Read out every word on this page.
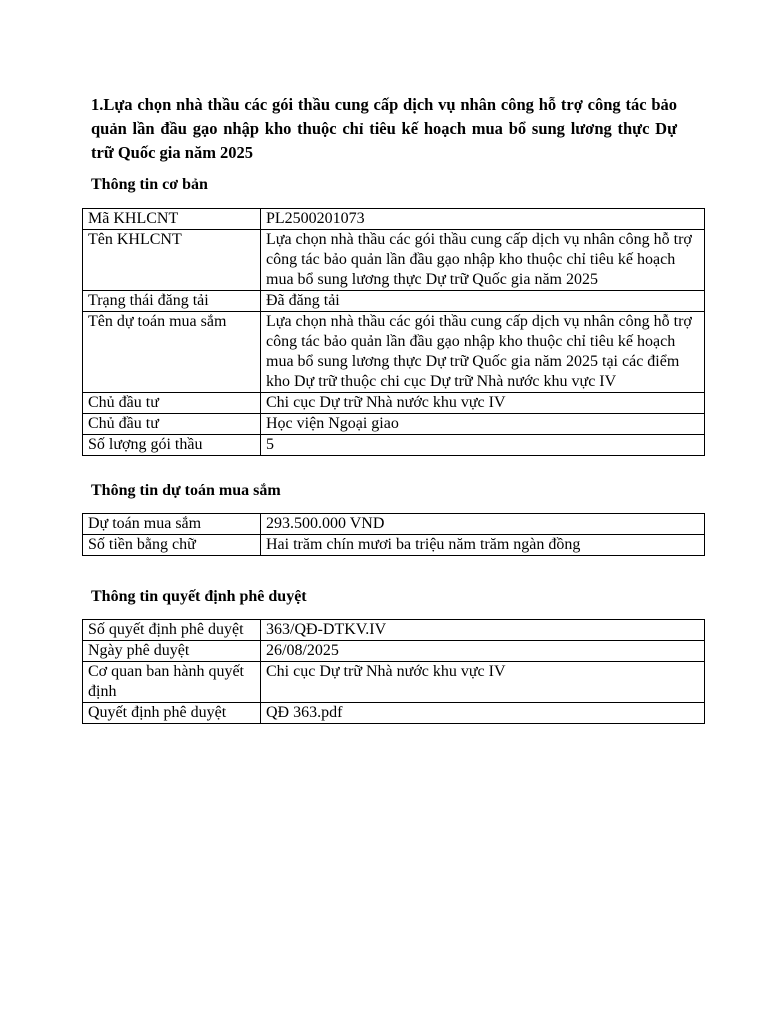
1.Lựa chọn nhà thầu các gói thầu cung cấp dịch vụ nhân công hỗ trợ công tác bảo quản lần đầu gạo nhập kho thuộc chỉ tiêu kế hoạch mua bổ sung lương thực Dự trữ Quốc gia năm 2025

Thông tin cơ bản

Mã KHLCNT	PL2500201073
Tên KHLCNT	Lựa chọn nhà thầu các gói thầu cung cấp dịch vụ nhân công hỗ trợ công tác bảo quản lần đầu gạo nhập kho thuộc chỉ tiêu kế hoạch mua bổ sung lương thực Dự trữ Quốc gia năm 2025
Trạng thái đăng tải	Đã đăng tải
Tên dự toán mua sắm	Lựa chọn nhà thầu các gói thầu cung cấp dịch vụ nhân công hỗ trợ công tác bảo quản lần đầu gạo nhập kho thuộc chỉ tiêu kế hoạch mua bổ sung lương thực Dự trữ Quốc gia năm 2025 tại các điểm kho Dự trữ thuộc chi cục Dự trữ Nhà nước khu vực IV
Chủ đầu tư	Chi cục Dự trữ Nhà nước khu vực IV
Chủ đầu tư	Học viện Ngoại giao
Số lượng gói thầu	5

Thông tin dự toán mua sắm

Dự toán mua sắm	293.500.000 VND
Số tiền bằng chữ	Hai trăm chín mươi ba triệu năm trăm ngàn đồng

Thông tin quyết định phê duyệt

Số quyết định phê duyệt	363/QĐ-DTKV.IV
Ngày phê duyệt	26/08/2025
Cơ quan ban hành quyết định	Chi cục Dự trữ Nhà nước khu vực IV
Quyết định phê duyệt	QĐ 363.pdf
